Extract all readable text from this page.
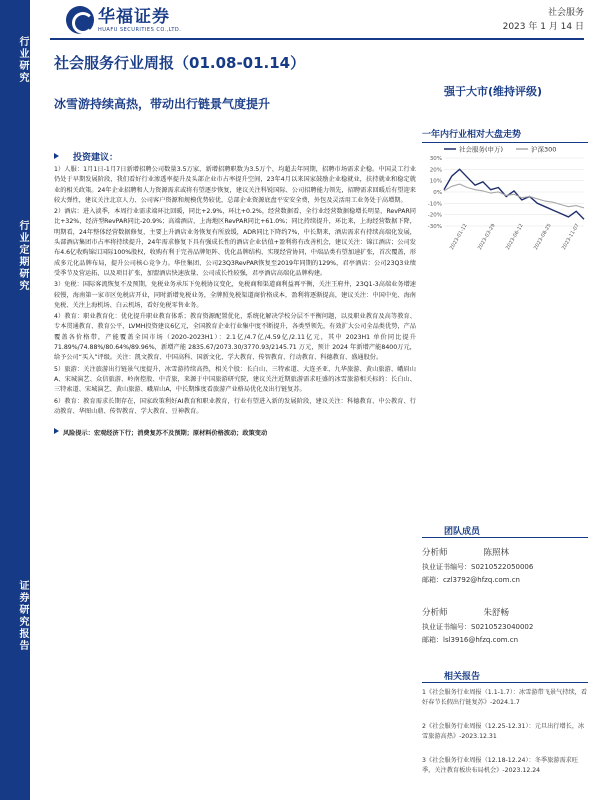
行业研究
行业定期研究
证券研究报告
华福证券
HUAFU SECURITIES CO.,LTD.
社会服务
2023 年 1 月 14 日
社会服务行业周报（01.08-01.14）
冰雪游持续高热，带动出行链景气度提升
强于大市(维持评级)
一年内行业相对大盘走势
社会服务(申万)	沪深300
30%
20%
10%
0%
-10%
-20%
-30% 2023-01-12 2023-03-29 2023-06-12 2023-08-25 2023-11-07
投资建议：

1）人服：1月1日-1月7日新增招聘公司数量3.5万家，新增招聘职数为3.5万个，均超去年同期，招聘市场需求企稳。中国灵工行业仍处于早期发展阶段，我们看好行业渗透率提升及头部企业市占率提升空间，23年4月以来国家鼓励企业稳就业，扶持就业和稳定就业的相关政策。24年企业招聘和人力资源需求或将有望逐步恢复，建议关注科锐国际、公司招聘能力领先，招聘需求回暖后有望迎来较大弹性，建议关注北京人力、公司客户资源和规模优势较优，总部企业资源底盘平安安全费，外包及灵活用工业务处于高增期。

2）酒店：进入淡季，本周行业需求端环比回暖，同比+2.9%，环比+0.2%，经营数据看，全行业经营数据稳增长明显，RevPAR同比+32%，经济型RevPAR同比-20.9%；高端酒店，上海地区RevPAR同比+61.0%；同比持续提升，环比来，上海经营数据下降，明期看，24年整体经营数据修复，主要上升酒店业务恢复有所放缓，ADR同比下降约7%，中长期来，酒店需求有持续高端化发展，头部酒店集团市占率将持续提升，24年需求修复下具有强成长性的酒店企业估值+盈利将有改善机会，建议关注：锦江酒店；公司发布4.6亿收购锦江国际100%股权，收购有利于完善品牌矩阵、优化品牌结构、实现经营协同，中端品类有望加速扩张，首次覆盖，形成多元化品牌布局，提升公司核心竞争力。华住集团、公司23Q3RevPAR恢复至2019年同期的129%，君亭酒店：公司23Q3业绩受季节及营运拓，以及项目扩张，加盟酒店快速放量、公司成长性较强，君亭酒店高端化品牌构建。

3）免税：国际客流恢复不及预期，免税业务承压下免税协议变化，免税商和渠道商利益再平衡，关注王府井，23Q1-3高端业务增速较慢，海南第一家市区免税店开业，同时新增免税业务，全牌照免税渠道商价格成本，盈利将逐渐提高，建议关注：中国中免、海南免税、关注上海机场、白云机场，看好免税零售业务。

4）教育：职业教育化：优化提升职业教育体系；教育资源配置优化，系统化解决学校分层不平衡问题，以及职业教育及高等教育、专本贯通教育、教育公平，LVMH投资建议6亿元，全国教育企业行业集中度不断提升，各类型领先，有效扩大公司全品类优势，产品覆盖各价格带，产能覆盖全国市场（2020-2023H1）：2.1亿/4.7亿/4.59亿/2.11亿元，其中 2023H1 单价同比提升 71.89%/74.88%/80.64%/89.96%，新增产能 2835.67/2073.30/3770.93/2145.71 万元，预计 2024 年新增产能8400万元，给予公司“买入”评级。关注：凯文教育、中国高科、国新文化、学大教育、传智教育、行动教育、科德教育、盛通股份。

5）旅游：关注旅游出行链景气度提升，冰雪游持续高热，相关个股：长白山、三特索道、大连圣亚、九华旅游、黄山旅游、峨眉山A、宋城演艺、众信旅游、岭南控股、中青旅，来源于中国旅游研究院，建议关注近期旅游需求旺盛的冰雪旅游相关标的：长白山、三特索道、宋城演艺、黄山旅游、峨眉山A，中长期维度看旅游产业格局优化及出行链复苏。

6）教育：教育需求长期存在，国家政策利好AI教育和职业教育，行业有望进入新的发展阶段，建议关注：科德教育、中公教育、行动教育、华图山鼎、传智教育、学大教育、豆神教育。

风险提示：宏观经济下行；消费复苏不及预期；原材料价格波动；政策变动
团队成员
分析师	陈照林
执业证书编号：S0210522050006
邮箱：czl3792@hfzq.com.cn
分析师	朱舒畅
执业证书编号：S0210523040002
邮箱：lsl3916@hfzq.com.cn
相关报告
1《社会服务行业周报（1.1-1.7）：冰雪游带飞景气持续，看好春节长假出行链复苏》-2024.1.7
2《社会服务行业周报（12.25-12.31）：元旦出行增长，冰雪旅游高热》-2023.12.31
3《社会服务行业周报（12.18-12.24）：冬季旅游需求旺季，关注教育板块布局机会》-2023.12.24
